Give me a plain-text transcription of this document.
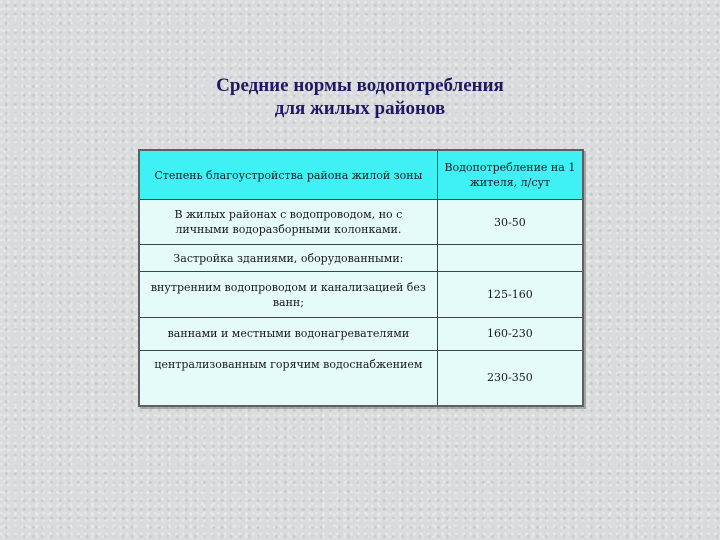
Средние нормы водопотребления
для жилых районов
Степень благоустройства района жилой зоны	Водопотребление на 1 жителя, л/сут
В жилых районах с водопроводом, но с личными водоразборными колонками.	30-50
Застройка зданиями, оборудованными:	
внутренним водопроводом и канализацией без ванн;	125-160
ваннами и местными водонагревателями	160-230
централизованным горячим водоснабжением	230-350
